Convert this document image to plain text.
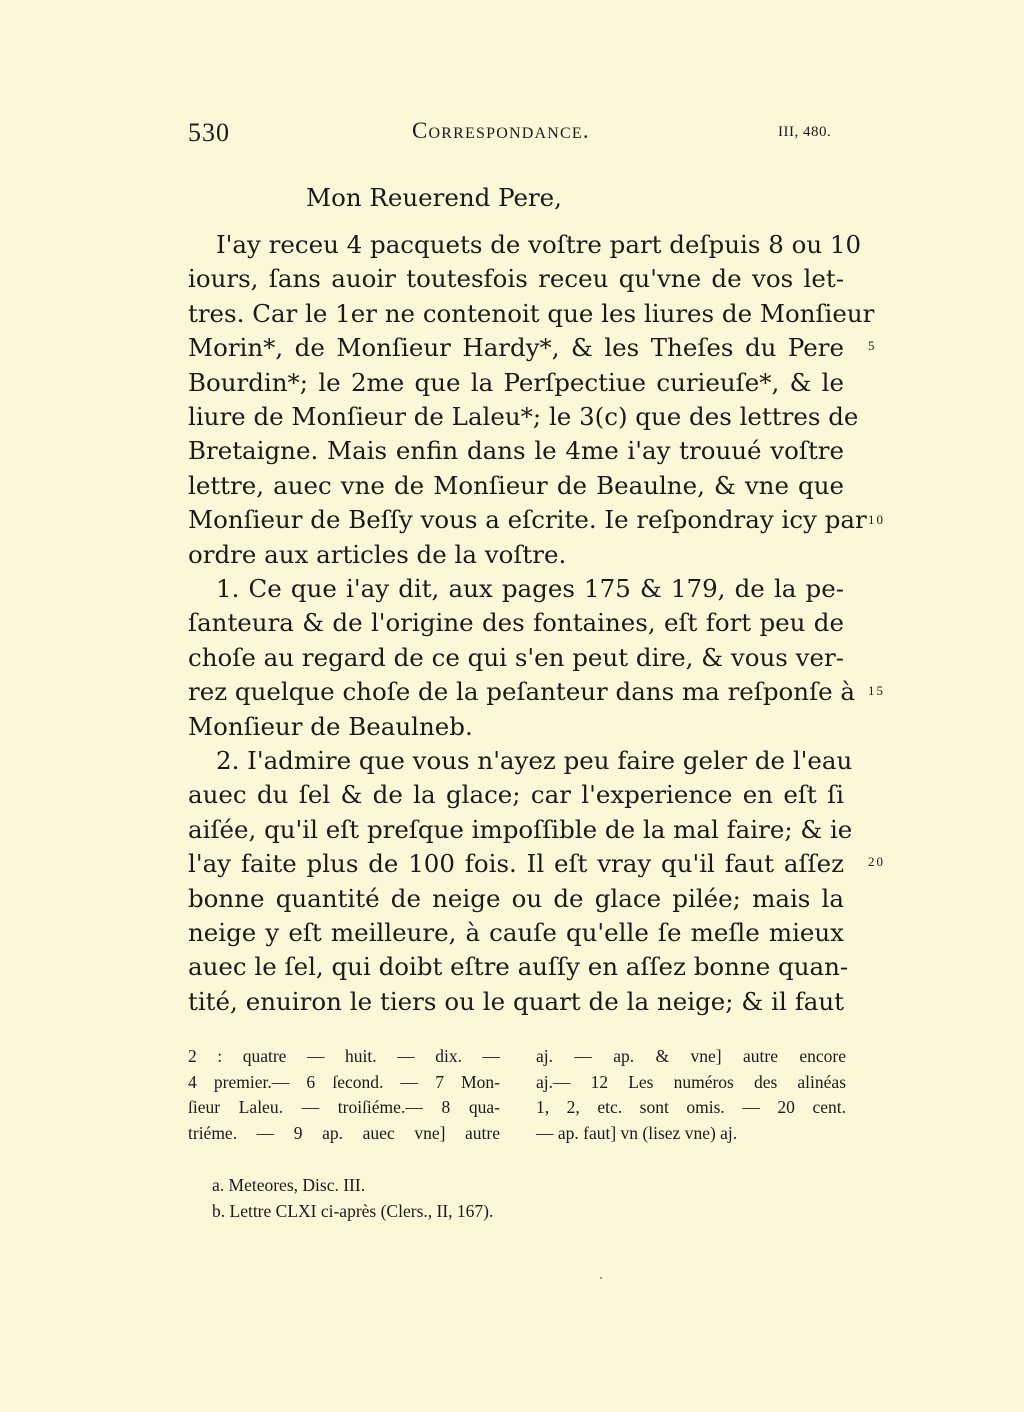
530	Correspondance.	III, 480.
Mon Reuerend Pere,
I'ay receu 4 pacquets de voſtre part deſpuis 8 ou 10
iours, ſans auoir toutesfois receu qu'vne de vos let-
tres. Car le 1er ne contenoit que les liures de Monſieur
Morin*, de Monſieur Hardy*, & les Theſes du Pere
Bourdin*; le 2me que la Perſpectiue curieuſe*, & le
liure de Monſieur de Laleu*; le 3(c) que des lettres de
Bretaigne. Mais enfin dans le 4me i'ay trouué voſtre
lettre, auec vne de Monſieur de Beaulne, & vne que
Monſieur de Beſſy vous a eſcrite. Ie reſpondray icy par
ordre aux articles de la voſtre.
1. Ce que i'ay dit, aux pages 175 & 179, de la pe-
ſanteura & de l'origine des fontaines, eſt fort peu de
choſe au regard de ce qui s'en peut dire, & vous ver-
rez quelque choſe de la peſanteur dans ma reſponſe à
Monſieur de Beaulneb.
2. I'admire que vous n'ayez peu faire geler de l'eau
auec du ſel & de la glace; car l'experience en eſt ſi
aiſée, qu'il eſt preſque impoſſible de la mal faire; & ie
l'ay faite plus de 100 fois. Il eſt vray qu'il faut aſſez
bonne quantité de neige ou de glace pilée; mais la
neige y eſt meilleure, à cauſe qu'elle ſe meſle mieux
auec le ſel, qui doibt eſtre auſſy en aſſez bonne quan-
tité, enuiron le tiers ou le quart de la neige; & il faut
5
10
15
20
2 : quatre — huit. — dix. —
4 premier.— 6 ſecond. — 7 Mon-
ſieur Laleu. — troiſiéme.— 8 qua-
triéme. — 9 ap. auec vne] autre
aj. — ap. & vne] autre encore
aj.— 12 Les numéros des alinéas
1, 2, etc. sont omis. — 20 cent.
— ap. faut] vn (lisez vne) aj.
a. Meteores, Disc. III.
b. Lettre CLXI ci-après (Clers., II, 167).
